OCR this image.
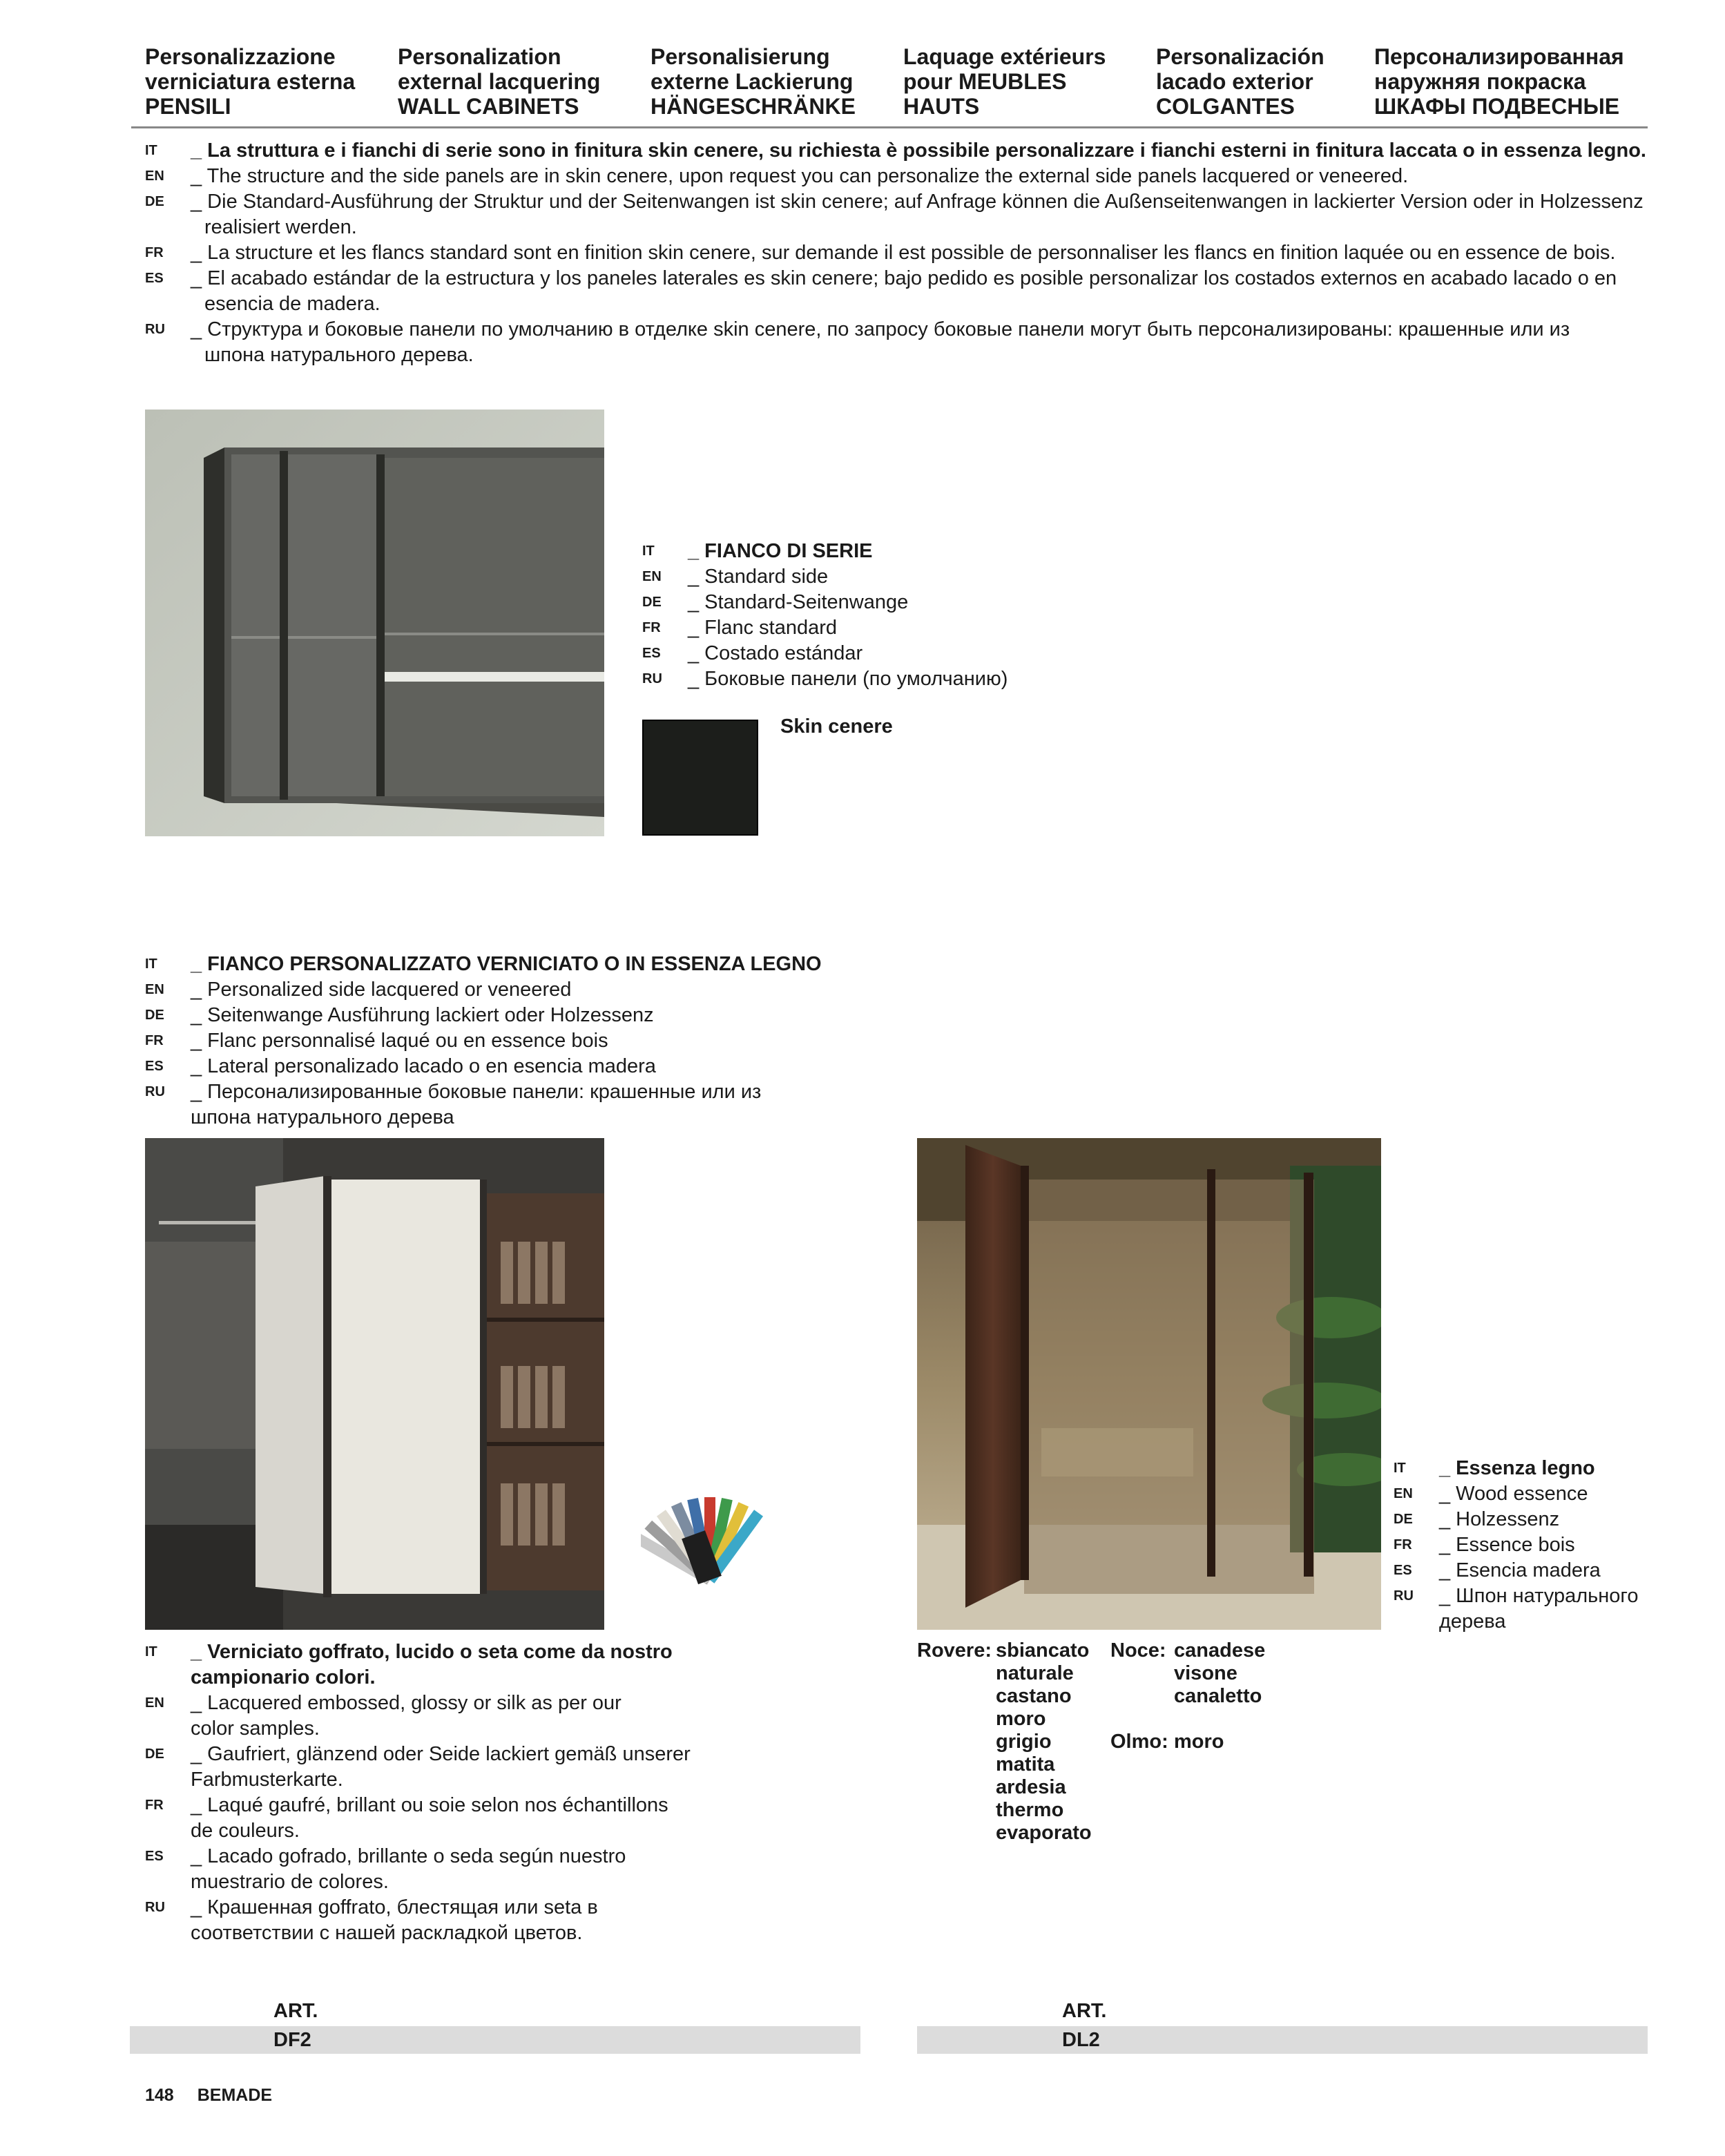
Personalizzazione
verniciatura esterna
PENSILI
Personalization
external lacquering
WALL CABINETS
Personalisierung
externe Lackierung
HÄNGESCHRÄNKE
Laquage extérieurs
pour MEUBLES
HAUTS
Personalización
lacado exterior
COLGANTES
Персонализированная
наружняя покраска
ШКАФЫ ПОДВЕСНЫЕ
IT	_ La struttura e i fianchi di serie sono in finitura skin cenere, su richiesta è possibile personalizzare i fianchi esterni in finitura laccata o in essenza legno.
EN	_ The structure and the side panels are in skin cenere, upon request you can personalize the external side panels lacquered or veneered.
DE	_ Die Standard-Ausführung der Struktur und der Seitenwangen ist skin cenere; auf Anfrage können die Außenseitenwangen in lackierter Version oder in Holzessenz
realisiert werden.
FR	_ La structure et les flancs standard sont en finition skin cenere, sur demande il est possible de personnaliser les flancs en finition laquée ou en essence de bois.
ES	_ El acabado estándar de la estructura y los paneles laterales es skin cenere; bajo pedido es posible personalizar los costados externos en acabado lacado o en
esencia de madera.
RU	_ Структура и боковые панели по умолчанию в отделке skin cenere, по запросу боковые панели могут быть персонализированы: крашенные или из
шпона натурального дерева.
IT	_ FIANCO DI SERIE
EN	_ Standard side
DE	_ Standard-Seitenwange
FR	_ Flanc standard
ES	_ Costado estándar
RU	_ Боковые панели (по умолчанию)
Skin cenere
IT	_ FIANCO PERSONALIZZATO VERNICIATO O IN ESSENZA LEGNO
EN	_ Personalized side lacquered or veneered
DE	_ Seitenwange Ausführung lackiert oder Holzessenz
FR	_ Flanc personnalisé laqué ou en essence bois
ES	_ Lateral personalizado lacado o en esencia madera
RU	_ Персонализированные боковые панели: крашенные или из
шпона натурального дерева
IT	_ Verniciato goffrato, lucido o seta come da nostro
campionario colori.
EN	_ Lacquered embossed, glossy or silk as per our
color samples.
DE	_ Gaufriert, glänzend oder Seide lackiert gemäß unserer
Farbmusterkarte.
FR	_ Laqué gaufré, brillant ou soie selon nos échantillons
de couleurs.
ES	_ Lacado gofrado, brillante o seda según nuestro
muestrario de colores.
RU	_ Крашенная goffrato, блестящая или seta в
соответствии с нашей раскладкой цветов.
IT	_ Essenza legno
EN	_ Wood essence
DE	_ Holzessenz
FR	_ Essence bois
ES	_ Esencia madera
RU	_ Шпон натурального
дерева
Rovere: sbiancato
naturale
castano
moro
grigio
matita
ardesia
thermo
evaporato
Noce: canadese
visone
canaletto
Olmo: moro
ART.
DF2
ART.
DL2
148 BEMADE
